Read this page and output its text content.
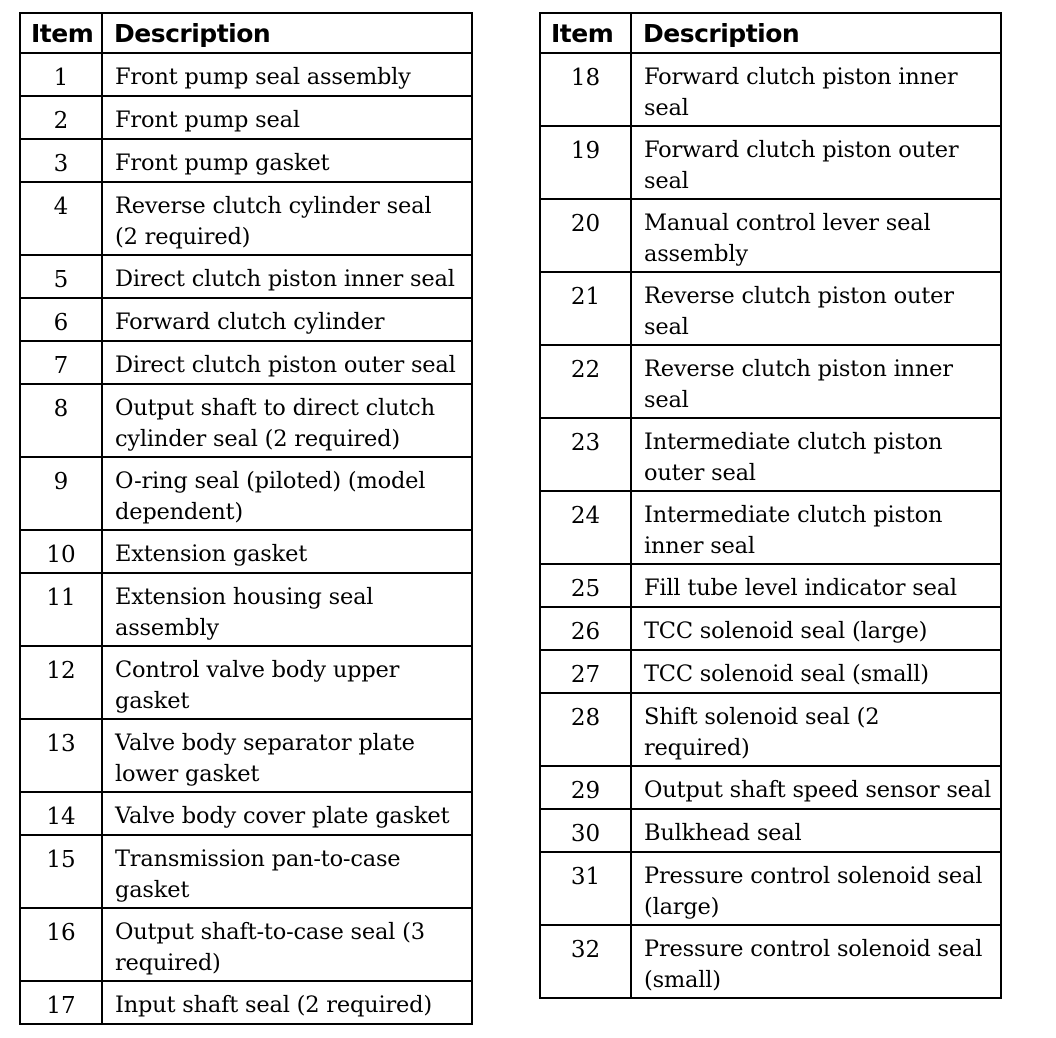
Item	Description
1	Front pump seal assembly

2	Front pump seal

3	Front pump gasket

4	Reverse clutch cylinder seal
(2 required)

5	Direct clutch piston inner seal

6	Forward clutch cylinder

7	Direct clutch piston outer seal

8	Output shaft to direct clutch
cylinder seal (2 required)

9	O-ring seal (piloted) (model
dependent)

10	Extension gasket

11	Extension housing seal
assembly

12	Control valve body upper
gasket

13	Valve body separator plate
lower gasket

14	Valve body cover plate gasket

15	Transmission pan-to-case
gasket

16	Output shaft-to-case seal (3
required)

17	Input shaft seal (2 required)
Item	Description
18	Forward clutch piston inner
seal

19	Forward clutch piston outer
seal

20	Manual control lever seal
assembly

21	Reverse clutch piston outer
seal

22	Reverse clutch piston inner
seal

23	Intermediate clutch piston
outer seal

24	Intermediate clutch piston
inner seal

25	Fill tube level indicator seal

26	TCC solenoid seal (large)

27	TCC solenoid seal (small)

28	Shift solenoid seal (2
required)

29	Output shaft speed sensor seal

30	Bulkhead seal

31	Pressure control solenoid seal
(large)

32	Pressure control solenoid seal
(small)
